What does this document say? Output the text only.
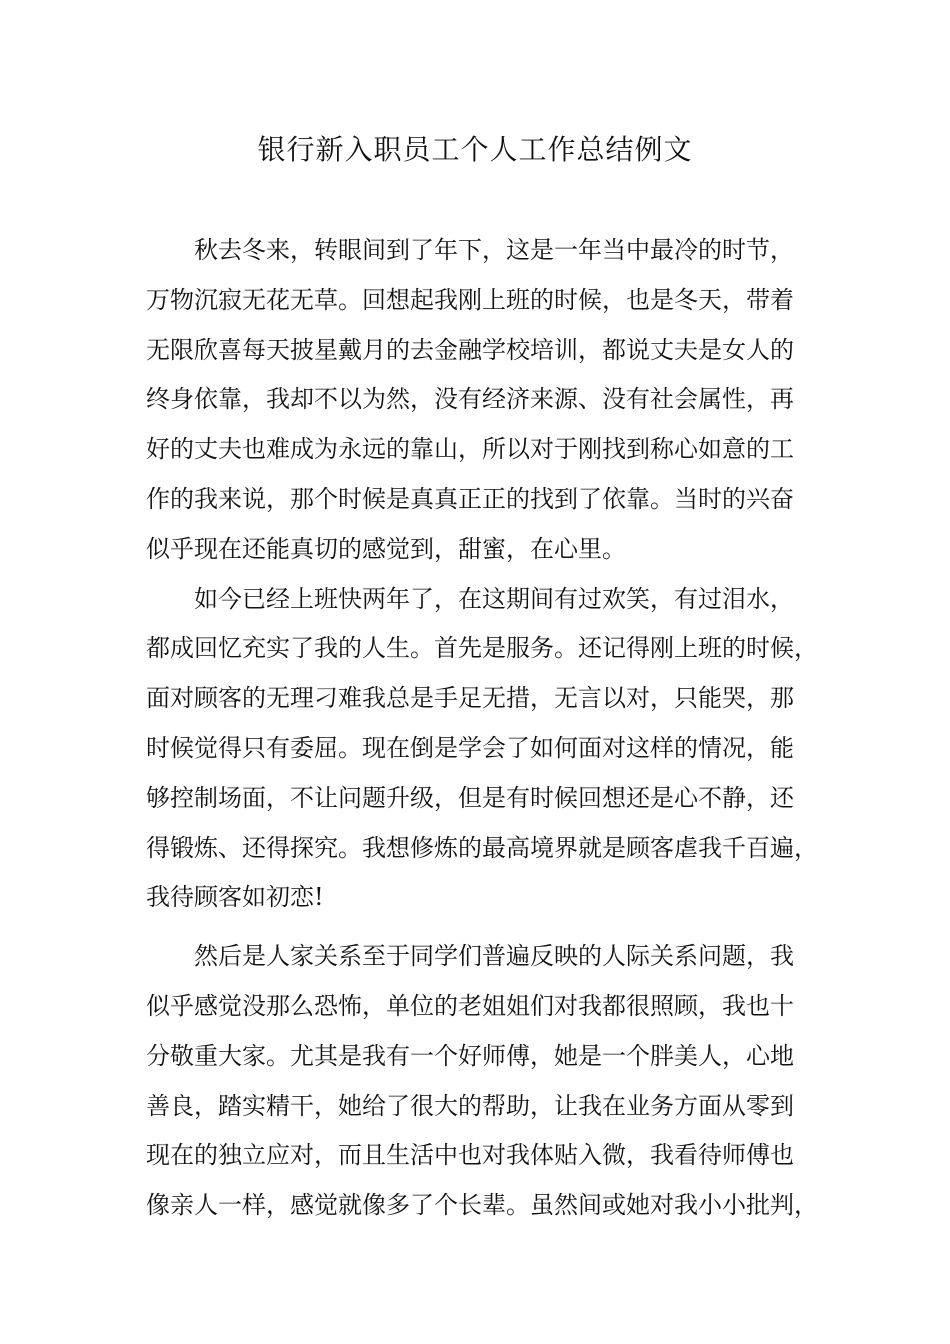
银行新入职员工个人工作总结例文
秋去冬来，转眼间到了年下，这是一年当中最冷的时节，
万物沉寂无花无草。回想起我刚上班的时候，也是冬天，带着
无限欣喜每天披星戴月的去金融学校培训，都说丈夫是女人的
终身依靠，我却不以为然，没有经济来源、没有社会属性，再
好的丈夫也难成为永远的靠山，所以对于刚找到称心如意的工
作的我来说，那个时候是真真正正的找到了依靠。当时的兴奋
似乎现在还能真切的感觉到，甜蜜，在心里。
如今已经上班快两年了，在这期间有过欢笑，有过泪水，
都成回忆充实了我的人生。首先是服务。还记得刚上班的时候，
面对顾客的无理刁难我总是手足无措，无言以对，只能哭，那
时候觉得只有委屈。现在倒是学会了如何面对这样的情况，能
够控制场面，不让问题升级，但是有时候回想还是心不静，还
得锻炼、还得探究。我想修炼的最高境界就是顾客虐我千百遍，
我待顾客如初恋!
然后是人家关系至于同学们普遍反映的人际关系问题，我
似乎感觉没那么恐怖，单位的老姐姐们对我都很照顾，我也十
分敬重大家。尤其是我有一个好师傅，她是一个胖美人，心地
善良，踏实精干，她给了很大的帮助，让我在业务方面从零到
现在的独立应对，而且生活中也对我体贴入微，我看待师傅也
像亲人一样，感觉就像多了个长辈。虽然间或她对我小小批判，
